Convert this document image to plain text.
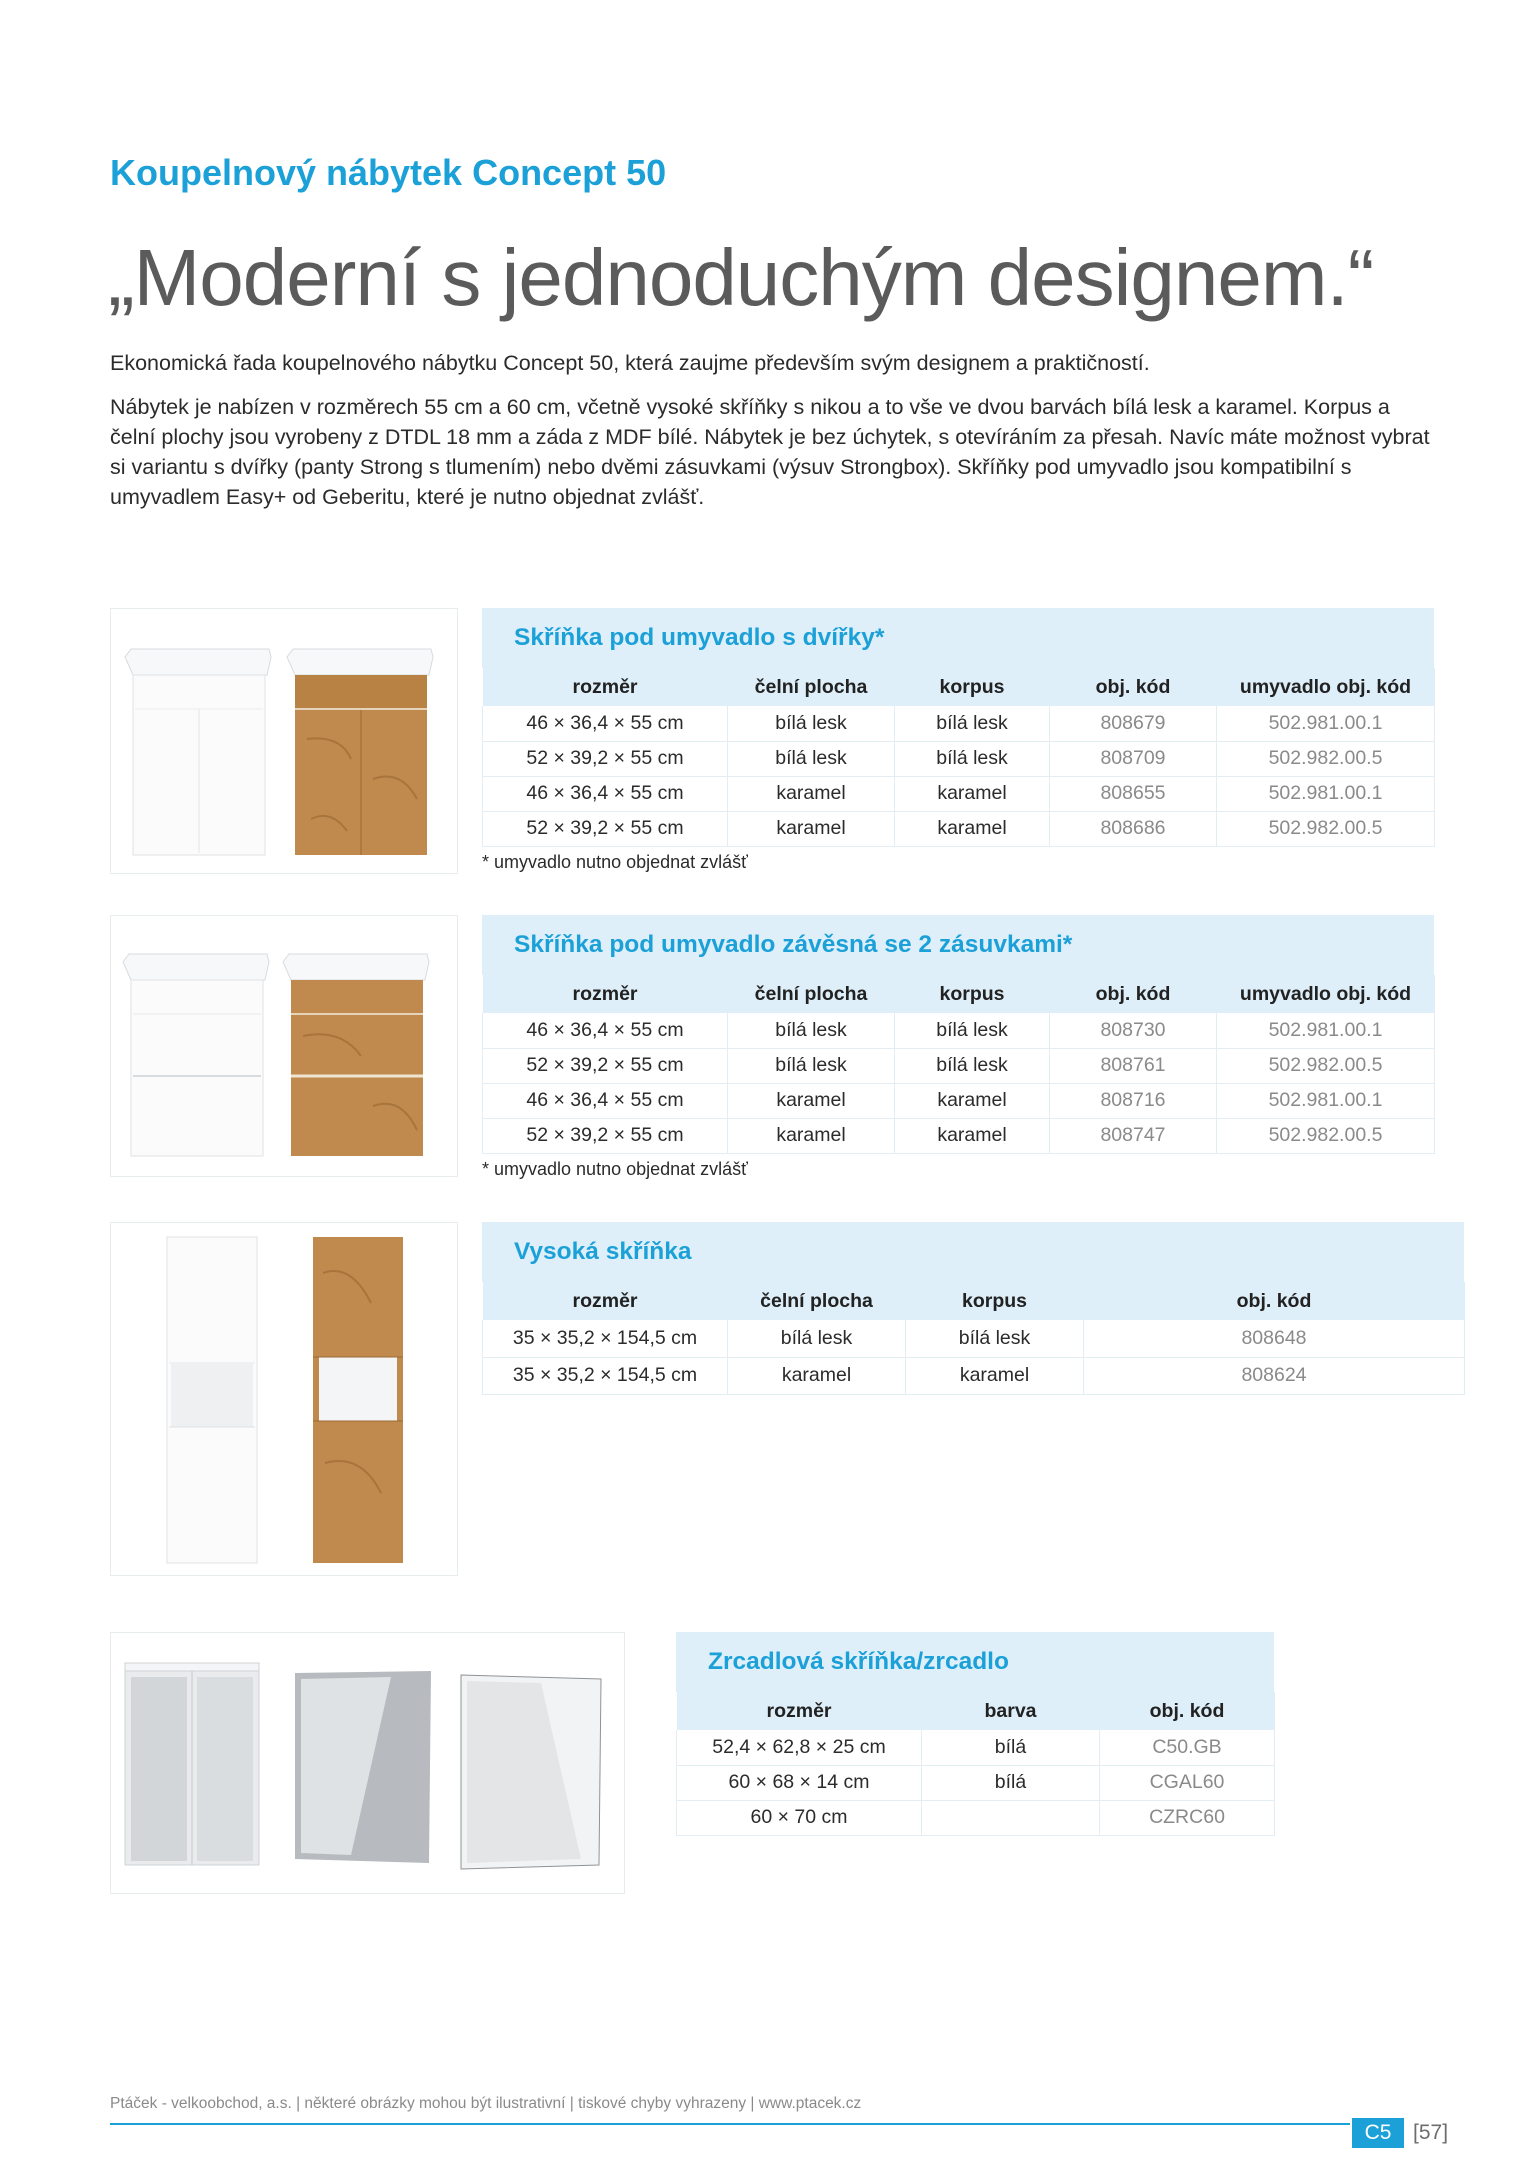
Koupelnový nábytek Concept 50
„Moderní s jednoduchým designem.“

Ekonomická řada koupelnového nábytku Concept 50, která zaujme především svým designem a praktičností.

Nábytek je nabízen v rozměrech 55 cm a 60 cm, včetně vysoké skříňky s nikou a to vše ve dvou barvách bílá lesk a karamel. Korpus a čelní plochy jsou vyrobeny z DTDL 18 mm a záda z MDF bílé. Nábytek je bez úchytek, s otevíráním za přesah. Navíc máte možnost vybrat si variantu s dvířky (panty Strong s tlumením) nebo dvěmi zásuvkami (výsuv Strongbox). Skříňky pod umyvadlo jsou kompatibilní s umyvadlem Easy+ od Geberitu, které je nutno objednat zvlášť.

Skříňka pod umyvadlo s dvířky*
rozměr	čelní plocha	korpus	obj. kód	umyvadlo obj. kód
46 × 36,4 × 55 cm	bílá lesk	bílá lesk	808679	502.981.00.1
52 × 39,2 × 55 cm	bílá lesk	bílá lesk	808709	502.982.00.5
46 × 36,4 × 55 cm	karamel	karamel	808655	502.981.00.1
52 × 39,2 × 55 cm	karamel	karamel	808686	502.982.00.5
* umyvadlo nutno objednat zvlášť
Skříňka pod umyvadlo závěsná se 2 zásuvkami*
rozměr	čelní plocha	korpus	obj. kód	umyvadlo obj. kód
46 × 36,4 × 55 cm	bílá lesk	bílá lesk	808730	502.981.00.1
52 × 39,2 × 55 cm	bílá lesk	bílá lesk	808761	502.982.00.5
46 × 36,4 × 55 cm	karamel	karamel	808716	502.981.00.1
52 × 39,2 × 55 cm	karamel	karamel	808747	502.982.00.5
* umyvadlo nutno objednat zvlášť
Vysoká skříňka
rozměr	čelní plocha	korpus	obj. kód
35 × 35,2 × 154,5 cm	bílá lesk	bílá lesk	808648
35 × 35,2 × 154,5 cm	karamel	karamel	808624
Zrcadlová skříňka/zrcadlo
rozměr	barva	obj. kód
52,4 × 62,8 × 25 cm	bílá	C50.GB
60 × 68 × 14 cm	bílá	CGAL60
60 × 70 cm		CZRC60
Ptáček - velkoobchod, a.s. | některé obrázky mohou být ilustrativní | tiskové chyby vyhrazeny | www.ptacek.cz
C5	[57]
